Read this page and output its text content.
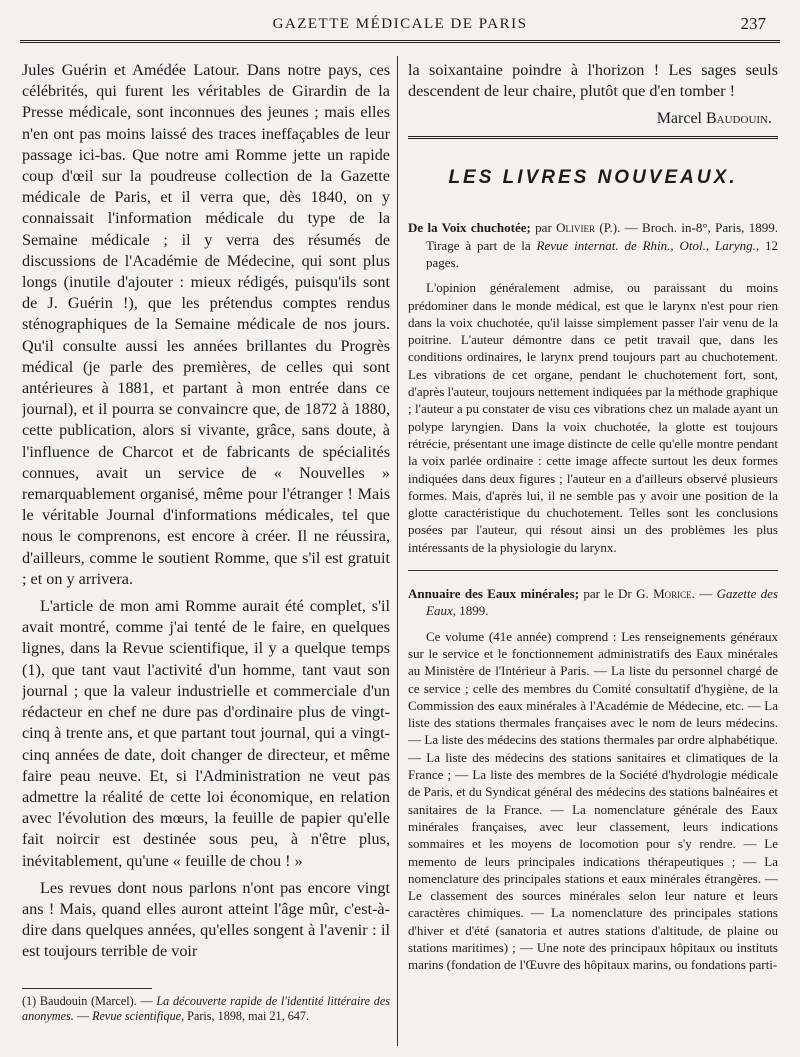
GAZETTE MÉDICALE DE PARIS	237

Jules Guérin et Amédée Latour. Dans notre pays, ces célébrités, qui furent les véritables de Girardin de la Presse médicale, sont inconnues des jeunes ; mais elles n'en ont pas moins laissé des traces ineffaçables de leur passage ici-bas. Que notre ami Romme jette un rapide coup d'œil sur la poudreuse collection de la Gazette médicale de Paris, et il verra que, dès 1840, on y connaissait l'information médicale du type de la Semaine médicale ; il y verra des résumés de discussions de l'Académie de Médecine, qui sont plus longs (inutile d'ajouter : mieux rédigés, puisqu'ils sont de J. Guérin !), que les prétendus comptes rendus sténographiques de la Semaine médicale de nos jours. Qu'il consulte aussi les années brillantes du Progrès médical (je parle des premières, de celles qui sont antérieures à 1881, et partant à mon entrée dans ce journal), et il pourra se convaincre que, de 1872 à 1880, cette publication, alors si vivante, grâce, sans doute, à l'influence de Charcot et de fabricants de spécialités connues, avait un service de « Nouvelles » remarquablement organisé, même pour l'étranger ! Mais le véritable Journal d'informations médicales, tel que nous le comprenons, est encore à créer. Il ne réussira, d'ailleurs, comme le soutient Romme, que s'il est gratuit ; et on y arrivera.

L'article de mon ami Romme aurait été complet, s'il avait montré, comme j'ai tenté de le faire, en quelques lignes, dans la Revue scientifique, il y a quelque temps (1), que tant vaut l'activité d'un homme, tant vaut son journal ; que la valeur industrielle et commerciale d'un rédacteur en chef ne dure pas d'ordinaire plus de vingt-cinq à trente ans, et que partant tout journal, qui a vingt-cinq années de date, doit changer de directeur, et même faire peau neuve. Et, si l'Administration ne veut pas admettre la réalité de cette loi économique, en relation avec l'évolution des mœurs, la feuille de papier qu'elle fait noircir est destinée sous peu, à n'être plus, inévitablement, qu'une « feuille de chou ! »

Les revues dont nous parlons n'ont pas encore vingt ans ! Mais, quand elles auront atteint l'âge mûr, c'est-à-dire dans quelques années, qu'elles songent à l'avenir : il est toujours terrible de voir

la soixantaine poindre à l'horizon ! Les sages seuls descendent de leur chaire, plutôt que d'en tomber !

Marcel Baudouin.
LES LIVRES NOUVEAUX.

De la Voix chuchotée; par Olivier (P.). — Broch. in-8°, Paris, 1899. Tirage à part de la Revue internat. de Rhin., Otol., Laryng., 12 pages.

L'opinion généralement admise, ou paraissant du moins prédominer dans le monde médical, est que le larynx n'est pour rien dans la voix chuchotée, qu'il laisse simplement passer l'air venu de la poitrine. L'auteur démontre dans ce petit travail que, dans les conditions ordinaires, le larynx prend toujours part au chuchotement. Les vibrations de cet organe, pendant le chuchotement fort, sont, d'après l'auteur, toujours nettement indiquées par la méthode graphique ; l'auteur a pu constater de visu ces vibrations chez un malade ayant un polype laryngien. Dans la voix chuchotée, la glotte est toujours rétrécie, présentant une image distincte de celle qu'elle montre pendant la voix parlée ordinaire : cette image affecte surtout les deux formes indiquées dans deux figures ; l'auteur en a d'ailleurs observé plusieurs formes. Mais, d'après lui, il ne semble pas y avoir une position de la glotte caractéristique du chuchotement. Telles sont les conclusions posées par l'auteur, qui résout ainsi un des problèmes les plus intéressants de la physiologie du larynx.

Annuaire des Eaux minérales; par le Dr G. Morice. — Gazette des Eaux, 1899.

Ce volume (41e année) comprend : Les renseignements généraux sur le service et le fonctionnement administratifs des Eaux minérales au Ministère de l'Intérieur à Paris. — La liste du personnel chargé de ce service ; celle des membres du Comité consultatif d'hygiène, de la Commission des eaux minérales à l'Académie de Médecine, etc. — La liste des stations thermales françaises avec le nom de leurs médecins. — La liste des médecins des stations thermales par ordre alphabétique. — La liste des médecins des stations sanitaires et climatiques de la France ; — La liste des membres de la Société d'hydrologie médicale de Paris, et du Syndicat général des médecins des stations balnéaires et sanitaires de la France. — La nomenclature générale des Eaux minérales françaises, avec leur classement, leurs indications sommaires et les moyens de locomotion pour s'y rendre. — Le memento de leurs principales indications thérapeutiques ; — La nomenclature des principales stations et eaux minérales étrangères. — Le classement des sources minérales selon leur nature et leurs caractères chimiques. — La nomenclature des principales stations d'hiver et d'été (sanatoria et autres stations d'altitude, de plaine ou stations maritimes) ; — Une note des principaux hôpitaux ou instituts marins (fondation de l'Œuvre des hôpitaux marins, ou fondations parti-

(1) Baudouin (Marcel). — La découverte rapide de l'identité littéraire des anonymes. — Revue scientifique, Paris, 1898, mai 21, 647.
